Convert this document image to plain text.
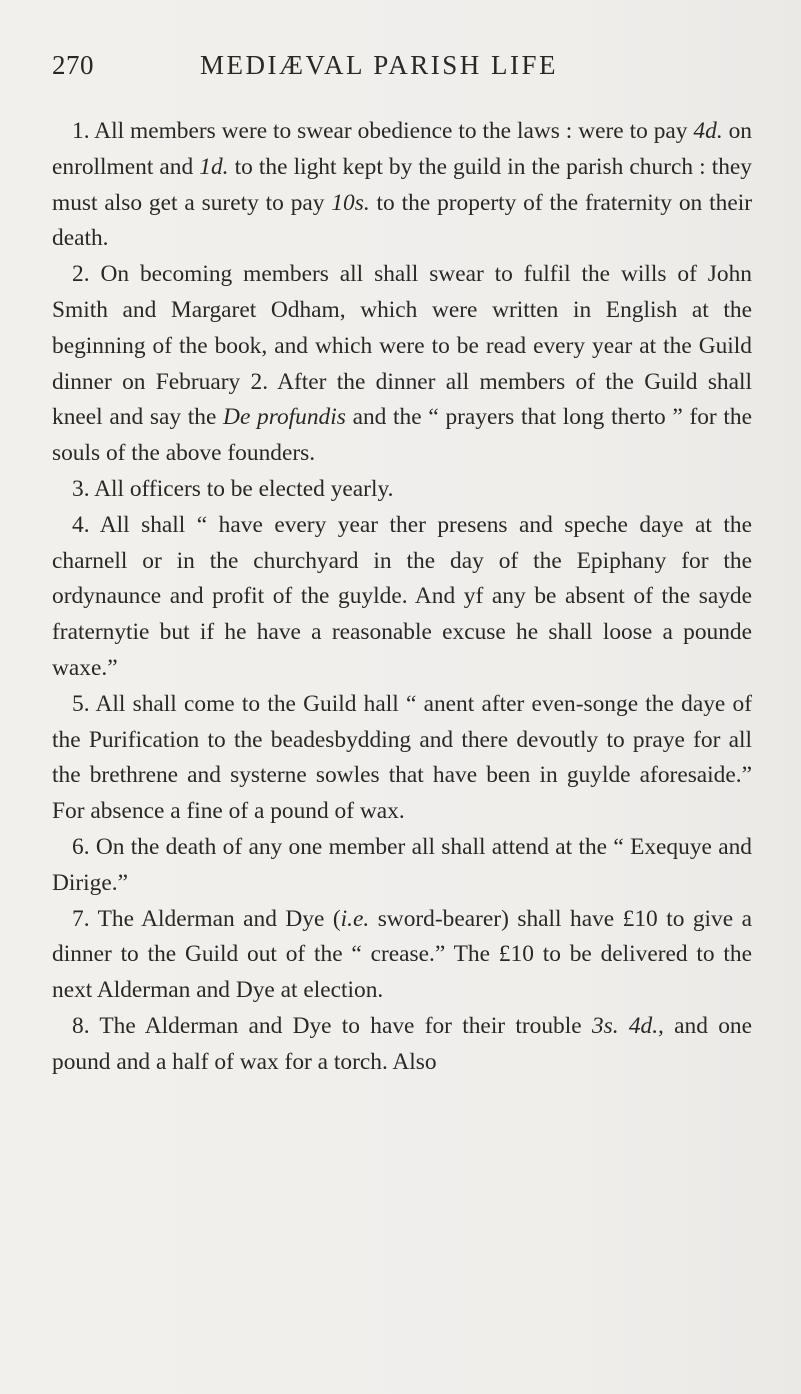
270	MEDIÆVAL PARISH LIFE

1. All members were to swear obedience to the laws : were to pay 4d. on enrollment and 1d. to the light kept by the guild in the parish church : they must also get a surety to pay 10s. to the property of the fraternity on their death.

2. On becoming members all shall swear to fulfil the wills of John Smith and Margaret Odham, which were written in English at the beginning of the book, and which were to be read every year at the Guild dinner on February 2. After the dinner all members of the Guild shall kneel and say the De profundis and the “ prayers that long therto ” for the souls of the above founders.

3. All officers to be elected yearly.

4. All shall “ have every year ther presens and speche daye at the charnell or in the churchyard in the day of the Epiphany for the ordynaunce and profit of the guylde. And yf any be absent of the sayde fraternytie but if he have a reasonable excuse he shall loose a pounde waxe.”

5. All shall come to the Guild hall “ anent after even-songe the daye of the Purification to the beadesbydding and there devoutly to praye for all the brethrene and systerne sowles that have been in guylde aforesaide.” For absence a fine of a pound of wax.

6. On the death of any one member all shall attend at the “ Exequye and Dirige.”

7. The Alderman and Dye (i.e. sword-bearer) shall have £10 to give a dinner to the Guild out of the “ crease.” The £10 to be delivered to the next Alderman and Dye at election.

8. The Alderman and Dye to have for their trouble 3s. 4d., and one pound and a half of wax for a torch. Also
